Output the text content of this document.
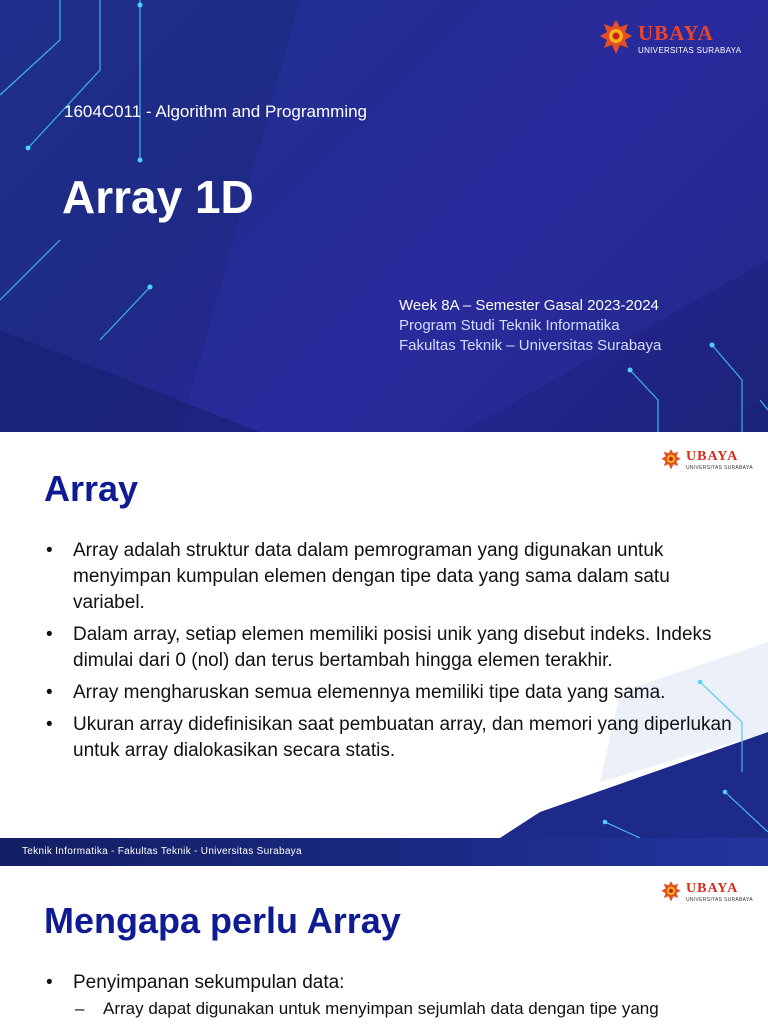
UBAYA
UNIVERSITAS SURABAYA
1604C011 - Algorithm and Programming
Array 1D
Week 8A – Semester Gasal 2023-2024
Program Studi Teknik Informatika
Fakultas Teknik – Universitas Surabaya
UBAYA
UNIVERSITAS SURABAYA
Array
• Array adalah struktur data dalam pemrograman yang digunakan untuk menyimpan kumpulan elemen dengan tipe data yang sama dalam satu variabel.
• Dalam array, setiap elemen memiliki posisi unik yang disebut indeks. Indeks dimulai dari 0 (nol) dan terus bertambah hingga elemen terakhir.
• Array mengharuskan semua elemennya memiliki tipe data yang sama.
• Ukuran array didefinisikan saat pembuatan array, dan memori yang diperlukan untuk array dialokasikan secara statis.
Teknik Informatika - Fakultas Teknik - Universitas Surabaya
UBAYA
UNIVERSITAS SURABAYA
Mengapa perlu Array
• Penyimpanan sekumpulan data:
– Array dapat digunakan untuk menyimpan sejumlah data dengan tipe yang
